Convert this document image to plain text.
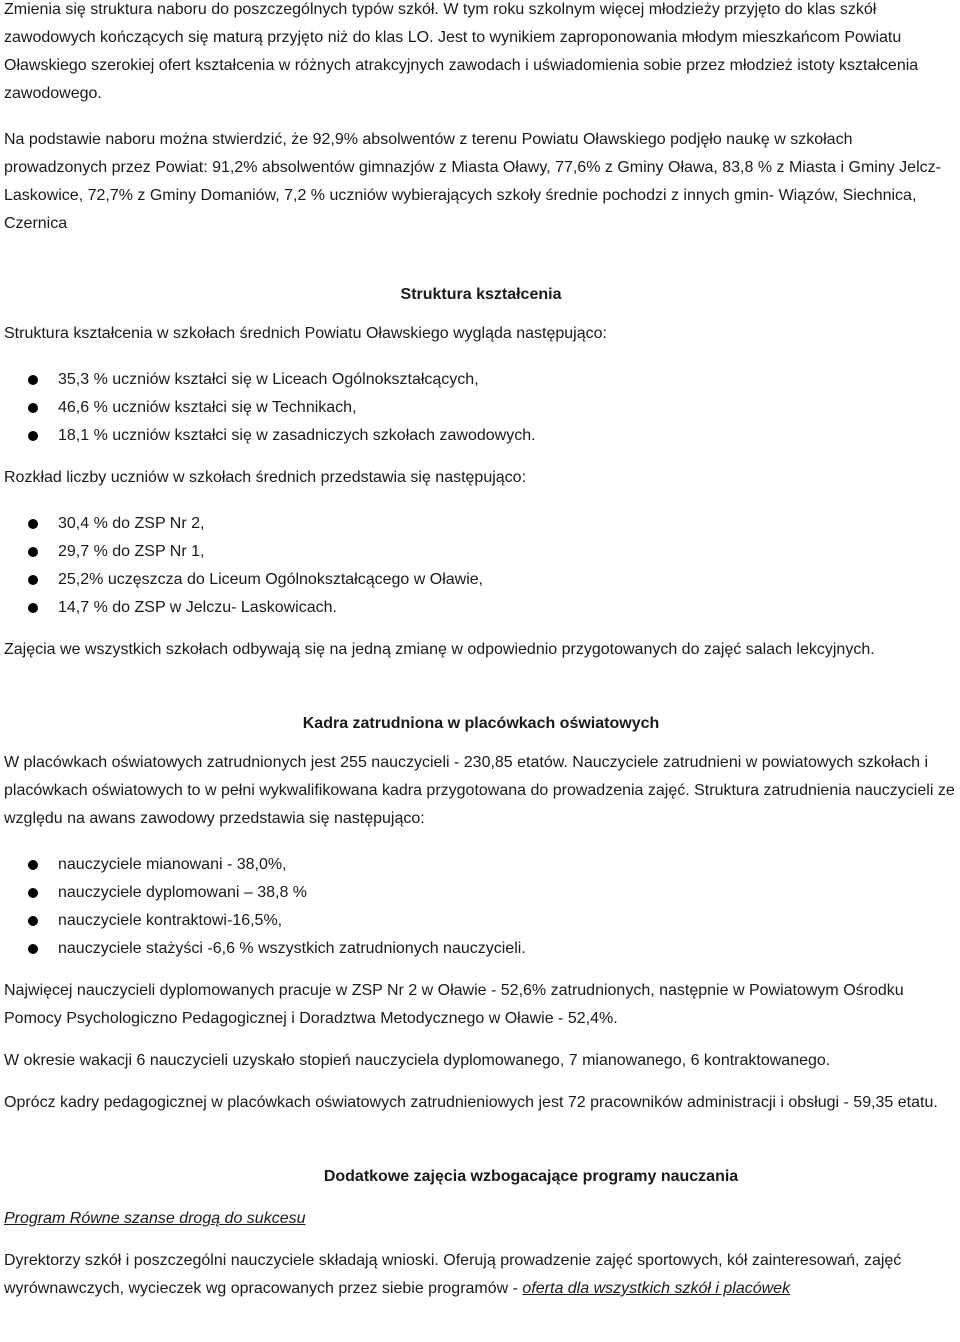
Zmienia się struktura naboru do poszczególnych typów szkół. W tym roku szkolnym więcej młodzieży przyjęto do klas szkół zawodowych kończących się maturą przyjęto niż do klas LO. Jest to wynikiem zaproponowania młodym mieszkańcom Powiatu Oławskiego szerokiej ofert kształcenia w różnych atrakcyjnych zawodach i uświadomienia sobie przez młodzież istoty kształcenia zawodowego.

Na podstawie naboru można stwierdzić, że 92,9% absolwentów z terenu Powiatu Oławskiego podjęło naukę w szkołach prowadzonych przez Powiat: 91,2% absolwentów gimnazjów z Miasta Oławy, 77,6% z Gminy Oława, 83,8 % z Miasta i Gminy Jelcz- Laskowice, 72,7% z Gminy Domaniów, 7,2 % uczniów wybierających szkoły średnie pochodzi z innych gmin- Wiązów, Siechnica, Czernica

Struktura kształcenia

Struktura kształcenia w szkołach średnich Powiatu Oławskiego wygląda następująco:

35,3 % uczniów kształci się w Liceach Ogólnokształcących,
46,6 % uczniów kształci się w Technikach,
18,1 % uczniów kształci się w zasadniczych szkołach zawodowych.

Rozkład liczby uczniów w szkołach średnich przedstawia się następująco:

30,4 % do ZSP Nr 2,
29,7 % do ZSP Nr 1,
25,2% uczęszcza do Liceum Ogólnokształcącego w Oławie,
14,7 % do ZSP w Jelczu- Laskowicach.

Zajęcia we wszystkich szkołach odbywają się na jedną zmianę w odpowiednio przygotowanych do zajęć salach lekcyjnych.

Kadra zatrudniona w placówkach oświatowych

W placówkach oświatowych zatrudnionych jest 255 nauczycieli - 230,85 etatów. Nauczyciele zatrudnieni w powiatowych szkołach i placówkach oświatowych to w pełni wykwalifikowana kadra przygotowana do prowadzenia zajęć. Struktura zatrudnienia nauczycieli ze względu na awans zawodowy przedstawia się następująco:

nauczyciele mianowani - 38,0%,
nauczyciele dyplomowani – 38,8 %
nauczyciele kontraktowi-16,5%,
nauczyciele stażyści -6,6 % wszystkich zatrudnionych nauczycieli.

Najwięcej nauczycieli dyplomowanych pracuje w ZSP Nr 2 w Oławie - 52,6% zatrudnionych, następnie w Powiatowym Ośrodku Pomocy Psychologiczno Pedagogicznej i Doradztwa Metodycznego w Oławie - 52,4%.

W okresie wakacji 6 nauczycieli uzyskało stopień nauczyciela dyplomowanego, 7 mianowanego, 6 kontraktowanego.

Oprócz kadry pedagogicznej w placówkach oświatowych zatrudnieniowych jest 72 pracowników administracji i obsługi - 59,35 etatu.

Dodatkowe zajęcia wzbogacające programy nauczania

Program Równe szanse drogą do sukcesu

Dyrektorzy szkół i poszczególni nauczyciele składają wnioski. Oferują prowadzenie zajęć sportowych, kół zainteresowań, zajęć wyrównawczych, wycieczek wg opracowanych przez siebie programów - oferta dla wszystkich szkół i placówek
